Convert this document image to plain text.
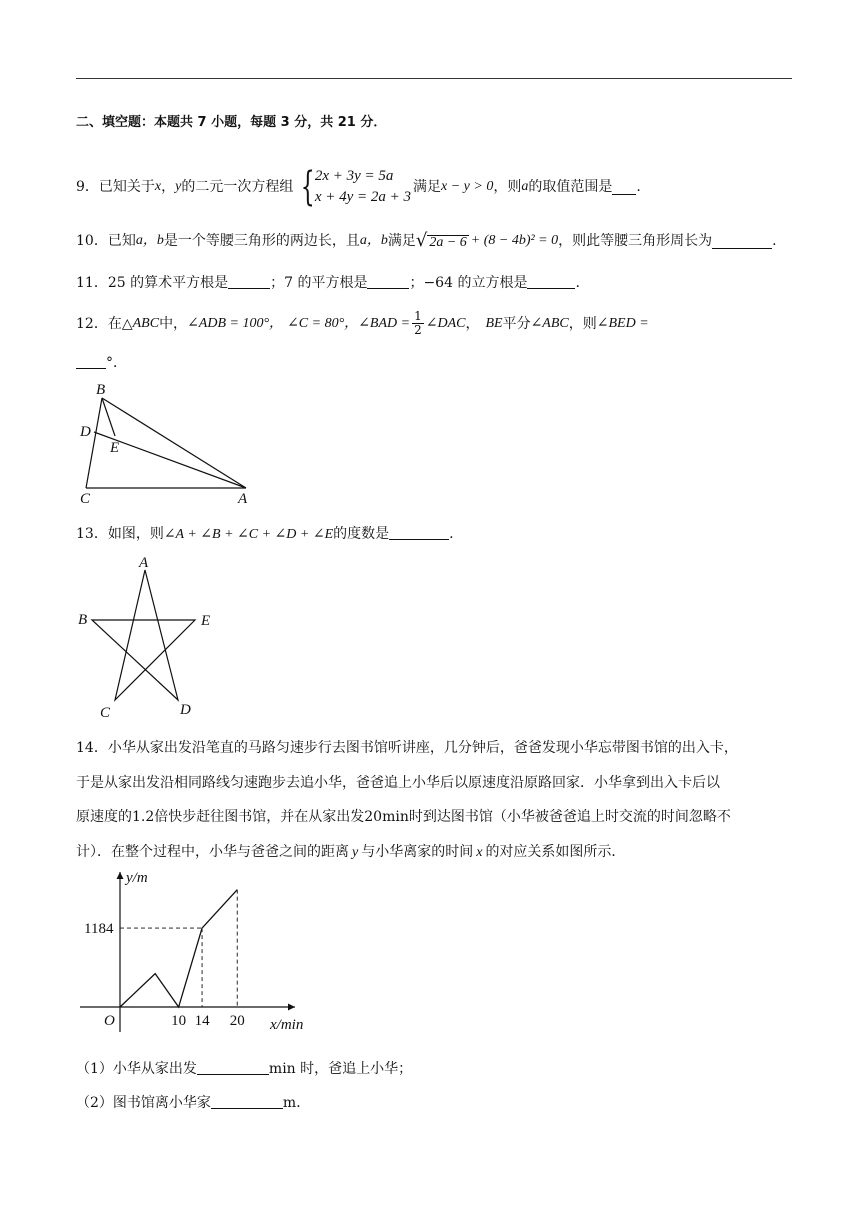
二、填空题：本题共 7 小题，每题 3 分，共 21 分．
9． 已知关于 x ， y 的二元一次方程组 { 2x + 3y = 5a
x + 4y = 2a + 3
满足 x − y > 0 ，则 a 的取值范围是 .
10． 已知 a，b 是一个等腰三角形的两边长，且 a，b 满足 √ 2a − 6 + (8 − 4b)² = 0 ，则此等腰三角形周长为	.
11．25 的算术平方根是	；7 的平方根是	；−64 的立方根是	.
12． 在△ ABC 中， ∠ADB = 100°， ∠C = 80°， ∠BAD = $\frac{1}{2}$ ∠DAC ， BE 平分 ∠ABC ，则 ∠BED =
°．
B
D
E
C	A
13．如图，则∠A + ∠B + ∠C + ∠D + ∠E的度数是	.
A
B	E
C	D
14．小华从家出发沿笔直的马路匀速步行去图书馆听讲座，几分钟后，爸爸发现小华忘带图书馆的出入卡，
于是从家出发沿相同路线匀速跑步去追小华，爸爸追上小华后以原速度沿原路回家．小华拿到出入卡后以
原速度的1.2倍快步赶往图书馆，并在从家出发20min时到达图书馆（小华被爸爸追上时交流的时间忽略不
计）．在整个过程中，小华与爸爸之间的距离 y 与小华离家的时间 x 的对应关系如图所示．
10 14 20
1184
y/m
x/min
O
（1）小华从家出发	min 时，爸追上小华；
（2）图书馆离小华家	m．
